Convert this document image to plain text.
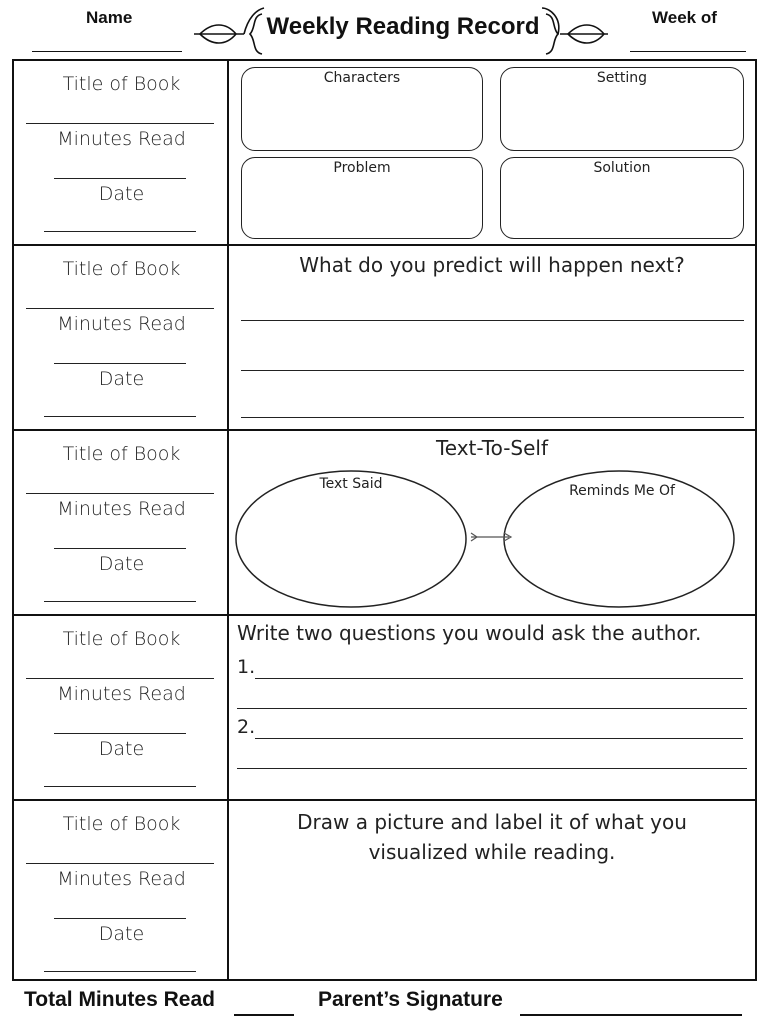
Name	Weekly Reading Record	Week of
Title of Book
Minutes Read
Date
Characters	Setting
Problem	Solution
Title of Book
Minutes Read
Date
What do you predict will happen next?
Title of Book
Minutes Read
Date
Text-To-Self
Text Said	Reminds Me Of
Title of Book
Minutes Read
Date
Write two questions you would ask the author.
1.
2.
Title of Book
Minutes Read
Date
Draw a picture and label it of what you
visualized while reading.
Total Minutes Read	Parent’s Signature
